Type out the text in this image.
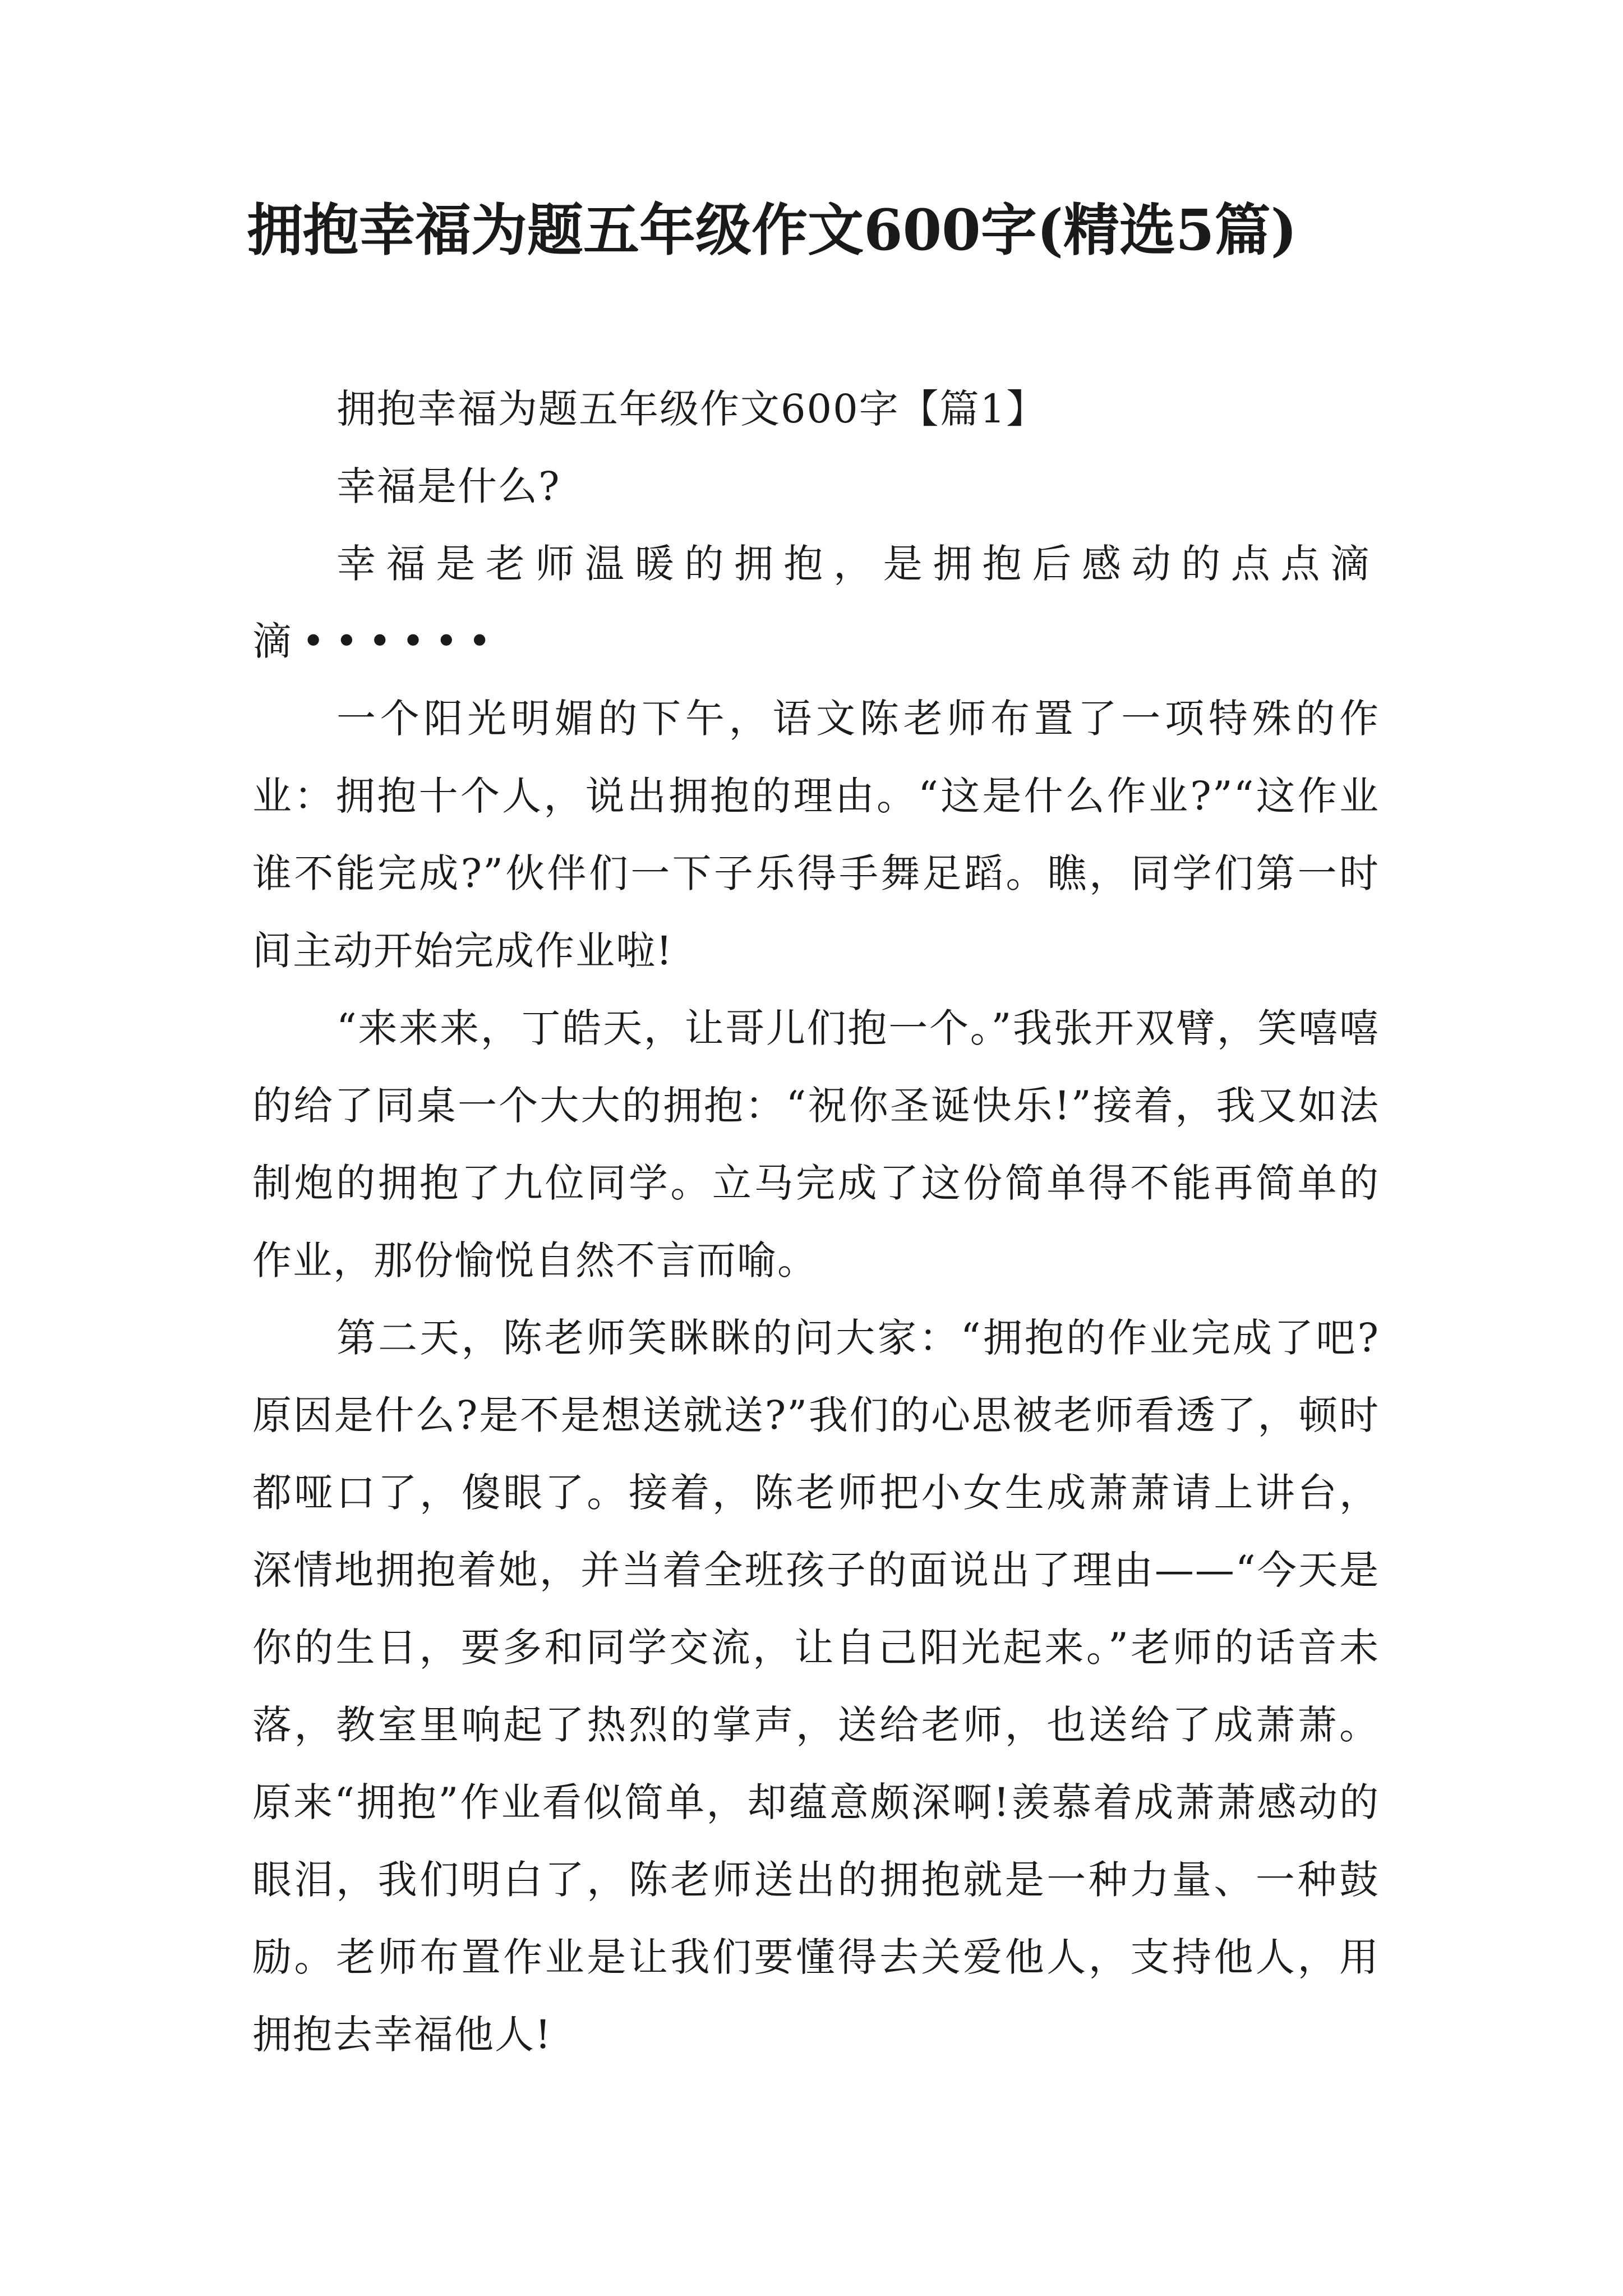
拥抱幸福为题五年级作文600字(精选5篇)

拥抱幸福为题五年级作文600字【篇1】

幸福是什么?

幸福是老师温暖的拥抱，是拥抱后感动的点点滴滴••••••

一个阳光明媚的下午，语文陈老师布置了一项特殊的作业：拥抱十个人，说出拥抱的理由。“这是什么作业?”“这作业谁不能完成?”伙伴们一下子乐得手舞足蹈。瞧，同学们第一时间主动开始完成作业啦!

“来来来，丁皓天，让哥儿们抱一个。”我张开双臂，笑嘻嘻的给了同桌一个大大的拥抱：“祝你圣诞快乐!”接着，我又如法制炮的拥抱了九位同学。立马完成了这份简单得不能再简单的作业，那份愉悦自然不言而喻。

第二天，陈老师笑眯眯的问大家：“拥抱的作业完成了吧?原因是什么?是不是想送就送?”我们的心思被老师看透了，顿时都哑口了，傻眼了。接着，陈老师把小女生成萧萧请上讲台，深情地拥抱着她，并当着全班孩子的面说出了理由——“今天是你的生日，要多和同学交流，让自己阳光起来。”老师的话音未落，教室里响起了热烈的掌声，送给老师，也送给了成萧萧。原来“拥抱”作业看似简单，却蕴意颇深啊!羡慕着成萧萧感动的眼泪，我们明白了，陈老师送出的拥抱就是一种力量、一种鼓励。老师布置作业是让我们要懂得去关爱他人，支持他人，用拥抱去幸福他人!
